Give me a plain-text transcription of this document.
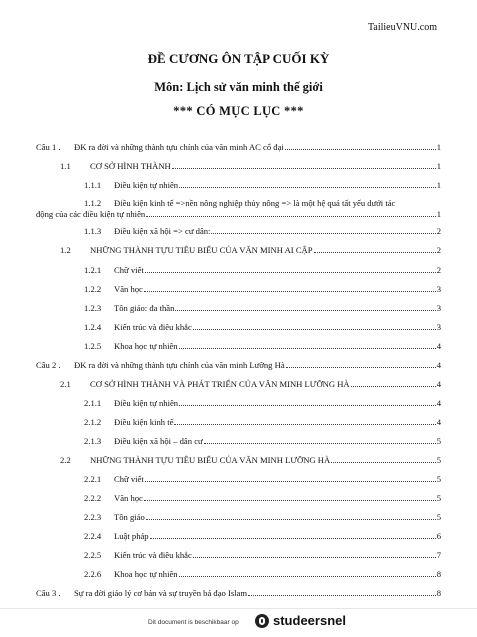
TailieuVNU.com
ĐỀ CƯƠNG ÔN TẬP CUỐI KỲ
Môn: Lịch sử văn minh thế giới
*** CÓ MỤC LỤC ***
Câu 1 . ĐK ra đời và những thành tựu chính của văn minh AC cổ đại	1
1.1 CƠ SỞ HÌNH THÀNH	1
1.1.1 Điều kiện tự nhiên	1
1.1.2 Điều kiện kinh tế =>nền nông nghiệp thủy nông => là một hệ quả tất yếu dưới tác
động của các điều kiện tự nhiên	1
1.1.3 Điều kiện xã hội => cư dân:	2
1.2 NHỮNG THÀNH TỰU TIÊU BIỂU CỦA VĂN MINH AI CẬP	2
1.2.1 Chữ viết	2
1.2.2 Văn học	3
1.2.3 Tôn giáo: đa thần	3
1.2.4 Kiến trúc và điêu khắc	3
1.2.5 Khoa học tự nhiên	4
Câu 2 . ĐK ra đời và những thành tựu chính của văn minh Lưỡng Hà	4
2.1 CƠ SỞ HÌNH THÀNH VÀ PHÁT TRIỂN CỦA VĂN MINH LƯỠNG HÀ	4
2.1.1 Điều kiện tự nhiên	4
2.1.2 Điều kiện kinh tế	4
2.1.3 Điều kiện xã hội – dân cư	5
2.2 NHỮNG THÀNH TỰU TIÊU BIỂU CỦA VĂN MINH LƯỠNG HÀ	5
2.2.1 Chữ viết	5
2.2.2 Văn học	5
2.2.3 Tôn giáo	5
2.2.4 Luật pháp	6
2.2.5 Kiến trúc và điêu khắc	7
2.2.6 Khoa học tự nhiên	8
Câu 3 . Sự ra đời giáo lý cơ bản và sự truyền bá đạo Islam	8
Dit document is beschikbaar op	studeersnel
